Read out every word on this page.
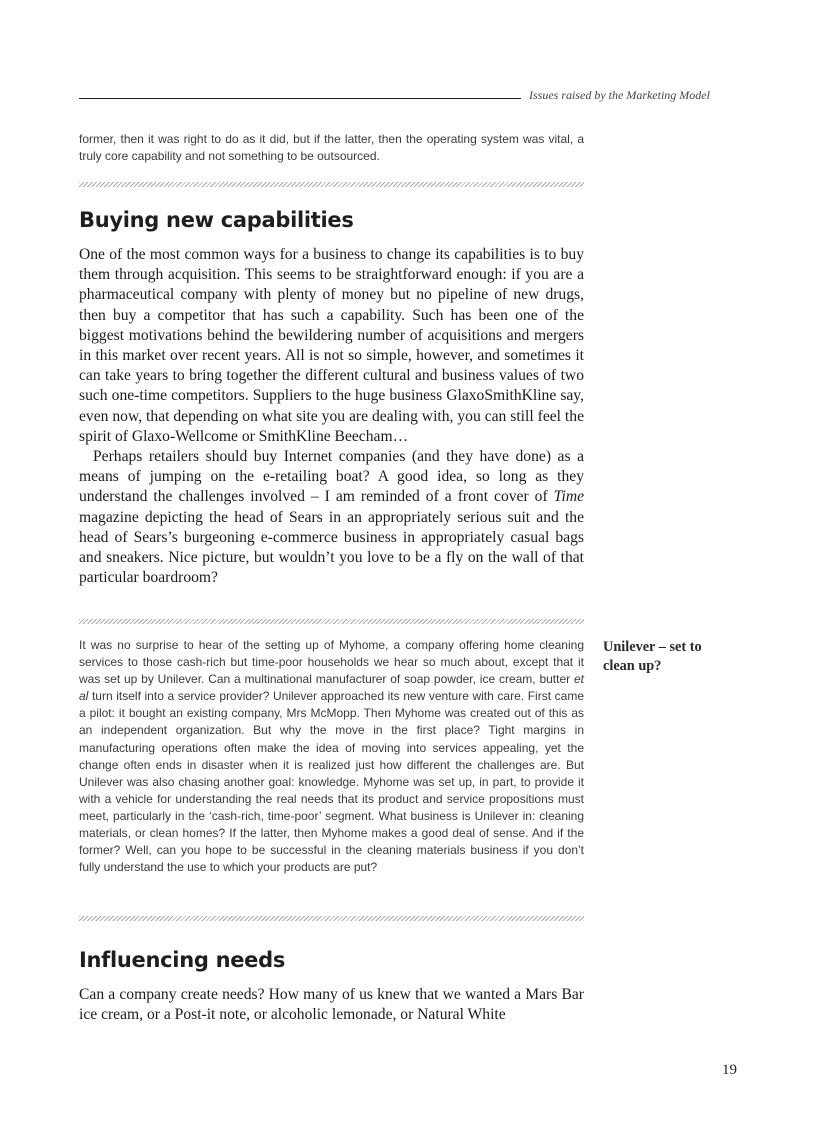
Issues raised by the Marketing Model
former, then it was right to do as it did, but if the latter, then the operating system was vital, a truly core capability and not something to be outsourced.
Buying new capabilities

One of the most common ways for a business to change its capabilities is to buy them through acquisition. This seems to be straightforward enough: if you are a pharmaceutical company with plenty of money but no pipeline of new drugs, then buy a competitor that has such a capability. Such has been one of the biggest motivations behind the bewildering number of acquisitions and mergers in this market over recent years. All is not so simple, however, and sometimes it can take years to bring together the different cultural and business values of two such one-time competitors. Suppliers to the huge business GlaxoSmithKline say, even now, that depending on what site you are dealing with, you can still feel the spirit of Glaxo-Wellcome or SmithKline Beecham…

Perhaps retailers should buy Internet companies (and they have done) as a means of jumping on the e-retailing boat? A good idea, so long as they understand the challenges involved – I am reminded of a front cover of Time magazine depicting the head of Sears in an appropriately serious suit and the head of Sears’s burgeoning e-commerce business in appropriately casual bags and sneakers. Nice picture, but wouldn’t you love to be a fly on the wall of that particular boardroom?

It was no surprise to hear of the setting up of Myhome, a company offering home cleaning services to those cash-rich but time-poor households we hear so much about, except that it was set up by Unilever. Can a multinational manufacturer of soap powder, ice cream, butter et al turn itself into a service provider? Unilever approached its new venture with care. First came a pilot: it bought an existing company, Mrs McMopp. Then Myhome was created out of this as an independent organization. But why the move in the first place? Tight margins in manufacturing operations often make the idea of moving into services appealing, yet the change often ends in disaster when it is realized just how different the challenges are. But Unilever was also chasing another goal: knowledge. Myhome was set up, in part, to provide it with a vehicle for understanding the real needs that its product and service propositions must meet, particularly in the ‘cash-rich, time-poor’ segment. What business is Unilever in: cleaning materials, or clean homes? If the latter, then Myhome makes a good deal of sense. And if the former? Well, can you hope to be successful in the cleaning materials business if you don’t fully understand the use to which your products are put?
Unilever – set to clean up?
Influencing needs

Can a company create needs? How many of us knew that we wanted a Mars Bar ice cream, or a Post-it note, or alcoholic lemonade, or Natural White

19
